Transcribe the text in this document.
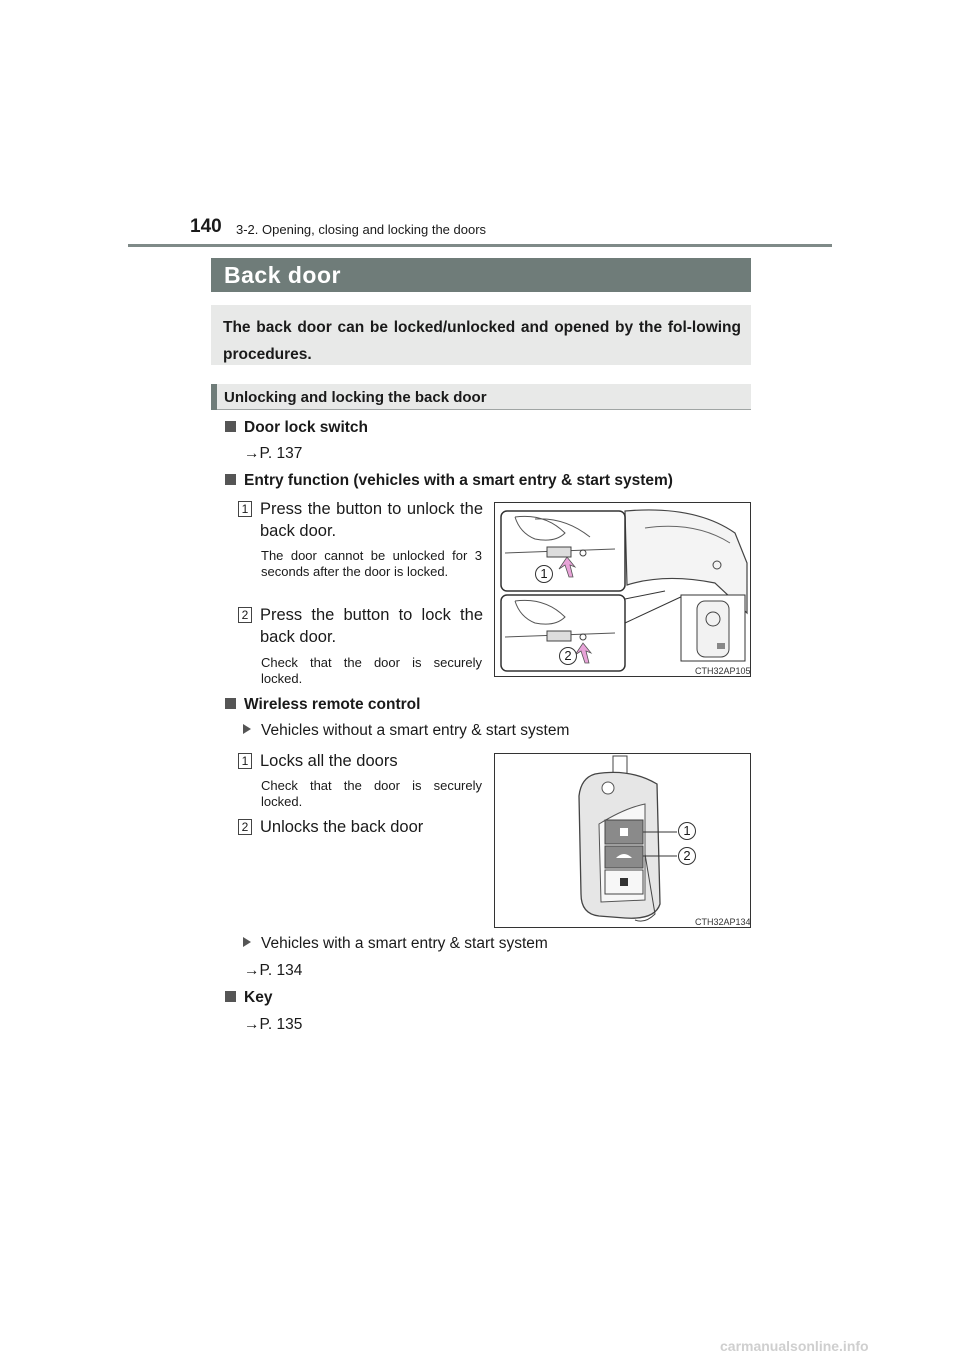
140 3-2. Opening, closing and locking the doors
Back door
The back door can be locked/unlocked and opened by the fol-lowing procedures.
Unlocking and locking the back door
Door lock switch
→P. 137
Entry function (vehicles with a smart entry & start system)
1 Press the button to unlock the back door.
The door cannot be unlocked for 3 seconds after the door is locked.
2 Press the button to lock the back door.
Check that the door is securely locked.
1
2
CTH32AP105
Wireless remote control
Vehicles without a smart entry & start system
1 Locks all the doors
Check that the door is securely locked.
2 Unlocks the back door	1
2
CTH32AP134
Vehicles with a smart entry & start system
→P. 134
Key
→P. 135
carmanualsonline.info
